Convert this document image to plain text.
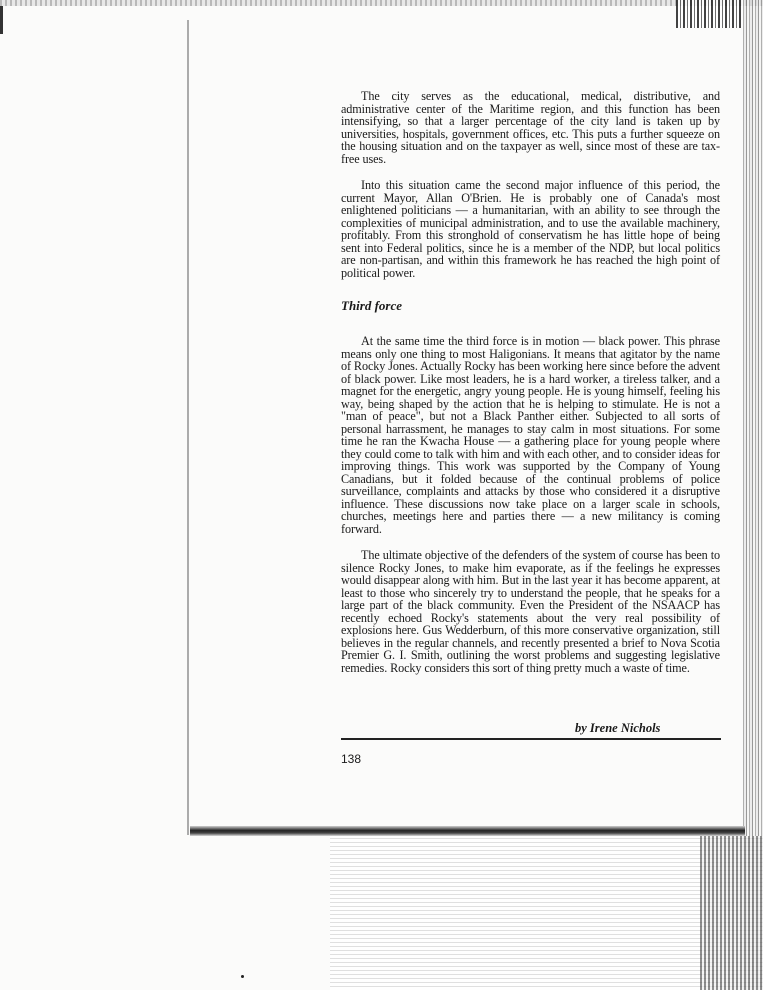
The city serves as the educational, medical, distributive, and administrative center of the Maritime region, and this function has been intensifying, so that a larger percentage of the city land is taken up by universities, hospitals, government offices, etc. This puts a further squeeze on the housing situation and on the taxpayer as well, since most of these are tax-free uses.

Into this situation came the second major influence of this period, the current Mayor, Allan O'Brien. He is probably one of Canada's most enlightened politicians — a humanitarian, with an ability to see through the complexities of municipal administration, and to use the available machinery, profitably. From this stronghold of conservatism he has little hope of being sent into Federal politics, since he is a member of the NDP, but local politics are non-partisan, and within this framework he has reached the high point of political power.

Third force

At the same time the third force is in motion — black power. This phrase means only one thing to most Haligonians. It means that agitator by the name of Rocky Jones. Actually Rocky has been working here since before the advent of black power. Like most leaders, he is a hard worker, a tireless talker, and a magnet for the energetic, angry young people. He is young himself, feeling his way, being shaped by the action that he is helping to stimulate. He is not a "man of peace", but not a Black Panther either. Subjected to all sorts of personal harrassment, he manages to stay calm in most situations. For some time he ran the Kwacha House — a gathering place for young people where they could come to talk with him and with each other, and to consider ideas for improving things. This work was supported by the Company of Young Canadians, but it folded because of the continual problems of police surveillance, complaints and attacks by those who considered it a disruptive influence. These discussions now take place on a larger scale in schools, churches, meetings here and parties there — a new militancy is coming forward.

The ultimate objective of the defenders of the system of course has been to silence Rocky Jones, to make him evaporate, as if the feelings he expresses would disappear along with him. But in the last year it has become apparent, at least to those who sincerely try to understand the people, that he speaks for a large part of the black community. Even the President of the NSAACP has recently echoed Rocky's statements about the very real possibility of explosions here. Gus Wedderburn, of this more conservative organization, still believes in the regular channels, and recently presented a brief to Nova Scotia Premier G. I. Smith, outlining the worst problems and suggesting legislative remedies. Rocky considers this sort of thing pretty much a waste of time.

by Irene Nichols
138
